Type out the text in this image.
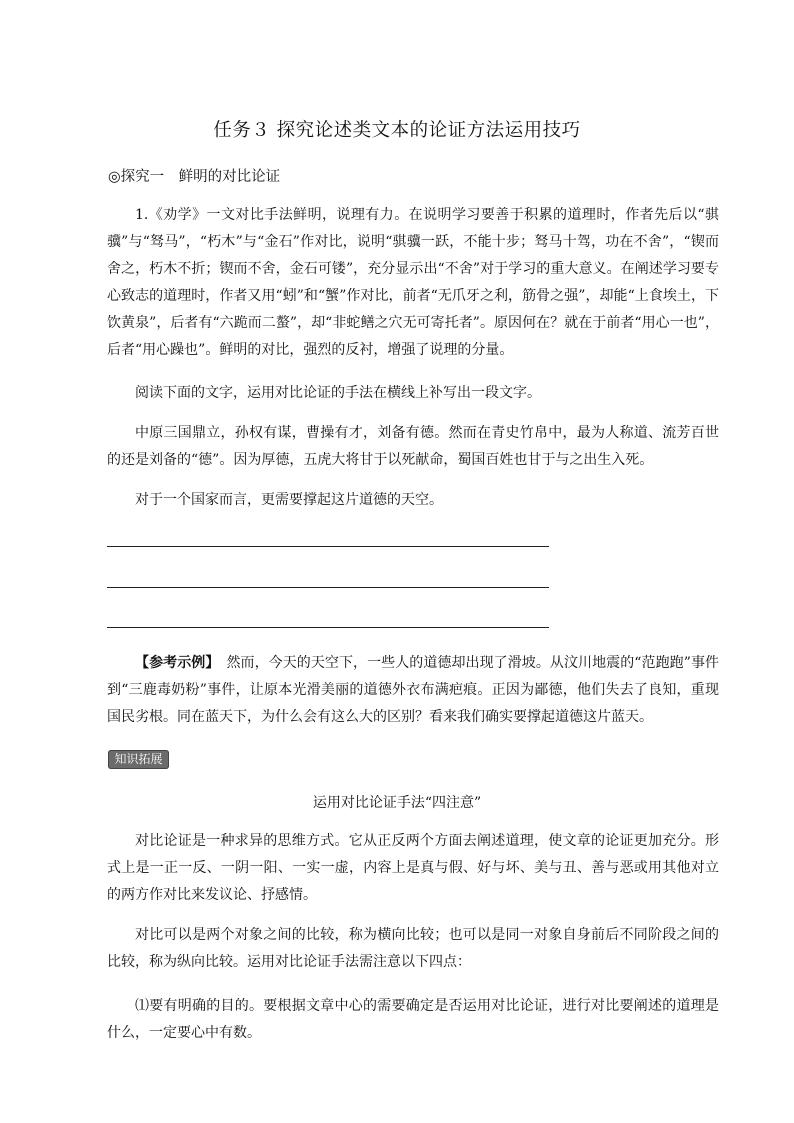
任务３ 探究论述类文本的论证方法运用技巧
◎探究一　鲜明的对比论证

1.《劝学》一文对比手法鲜明，说理有力。在说明学习要善于积累的道理时，作者先后以“骐骥”与“驽马”，“朽木”与“金石”作对比，说明“骐骥一跃，不能十步；驽马十驾，功在不舍”，“锲而舍之，朽木不折；锲而不舍，金石可镂”，充分显示出“不舍”对于学习的重大意义。在阐述学习要专心致志的道理时，作者又用“蚓”和“蟹”作对比，前者“无爪牙之利，筋骨之强”，却能“上食埃土，下饮黄泉”，后者有“六跪而二螯”，却“非蛇鳝之穴无可寄托者”。原因何在？就在于前者“用心一也”，后者“用心躁也”。鲜明的对比，强烈的反衬，增强了说理的分量。

阅读下面的文字，运用对比论证的手法在横线上补写出一段文字。

中原三国鼎立，孙权有谋，曹操有才，刘备有德。然而在青史竹帛中，最为人称道、流芳百世的还是刘备的“德”。因为厚德，五虎大将甘于以死献命，蜀国百姓也甘于与之出生入死。

对于一个国家而言，更需要撑起这片道德的天空。

【参考示例】　然而，今天的天空下，一些人的道德却出现了滑坡。从汶川地震的“范跑跑”事件到“三鹿毒奶粉”事件，让原本光滑美丽的道德外衣布满疤痕。正因为鄙德，他们失去了良知，重现国民劣根。同在蓝天下，为什么会有这么大的区别？看来我们确实要撑起道德这片蓝天。

知识拓展
运用对比论证手法“四注意”

对比论证是一种求异的思维方式。它从正反两个方面去阐述道理，使文章的论证更加充分。形式上是一正一反、一阴一阳、一实一虚，内容上是真与假、好与坏、美与丑、善与恶或用其他对立的两方作对比来发议论、抒感情。

对比可以是两个对象之间的比较，称为横向比较；也可以是同一对象自身前后不同阶段之间的比较，称为纵向比较。运用对比论证手法需注意以下四点：

⑴要有明确的目的。要根据文章中心的需要确定是否运用对比论证，进行对比要阐述的道理是什么，一定要心中有数。
